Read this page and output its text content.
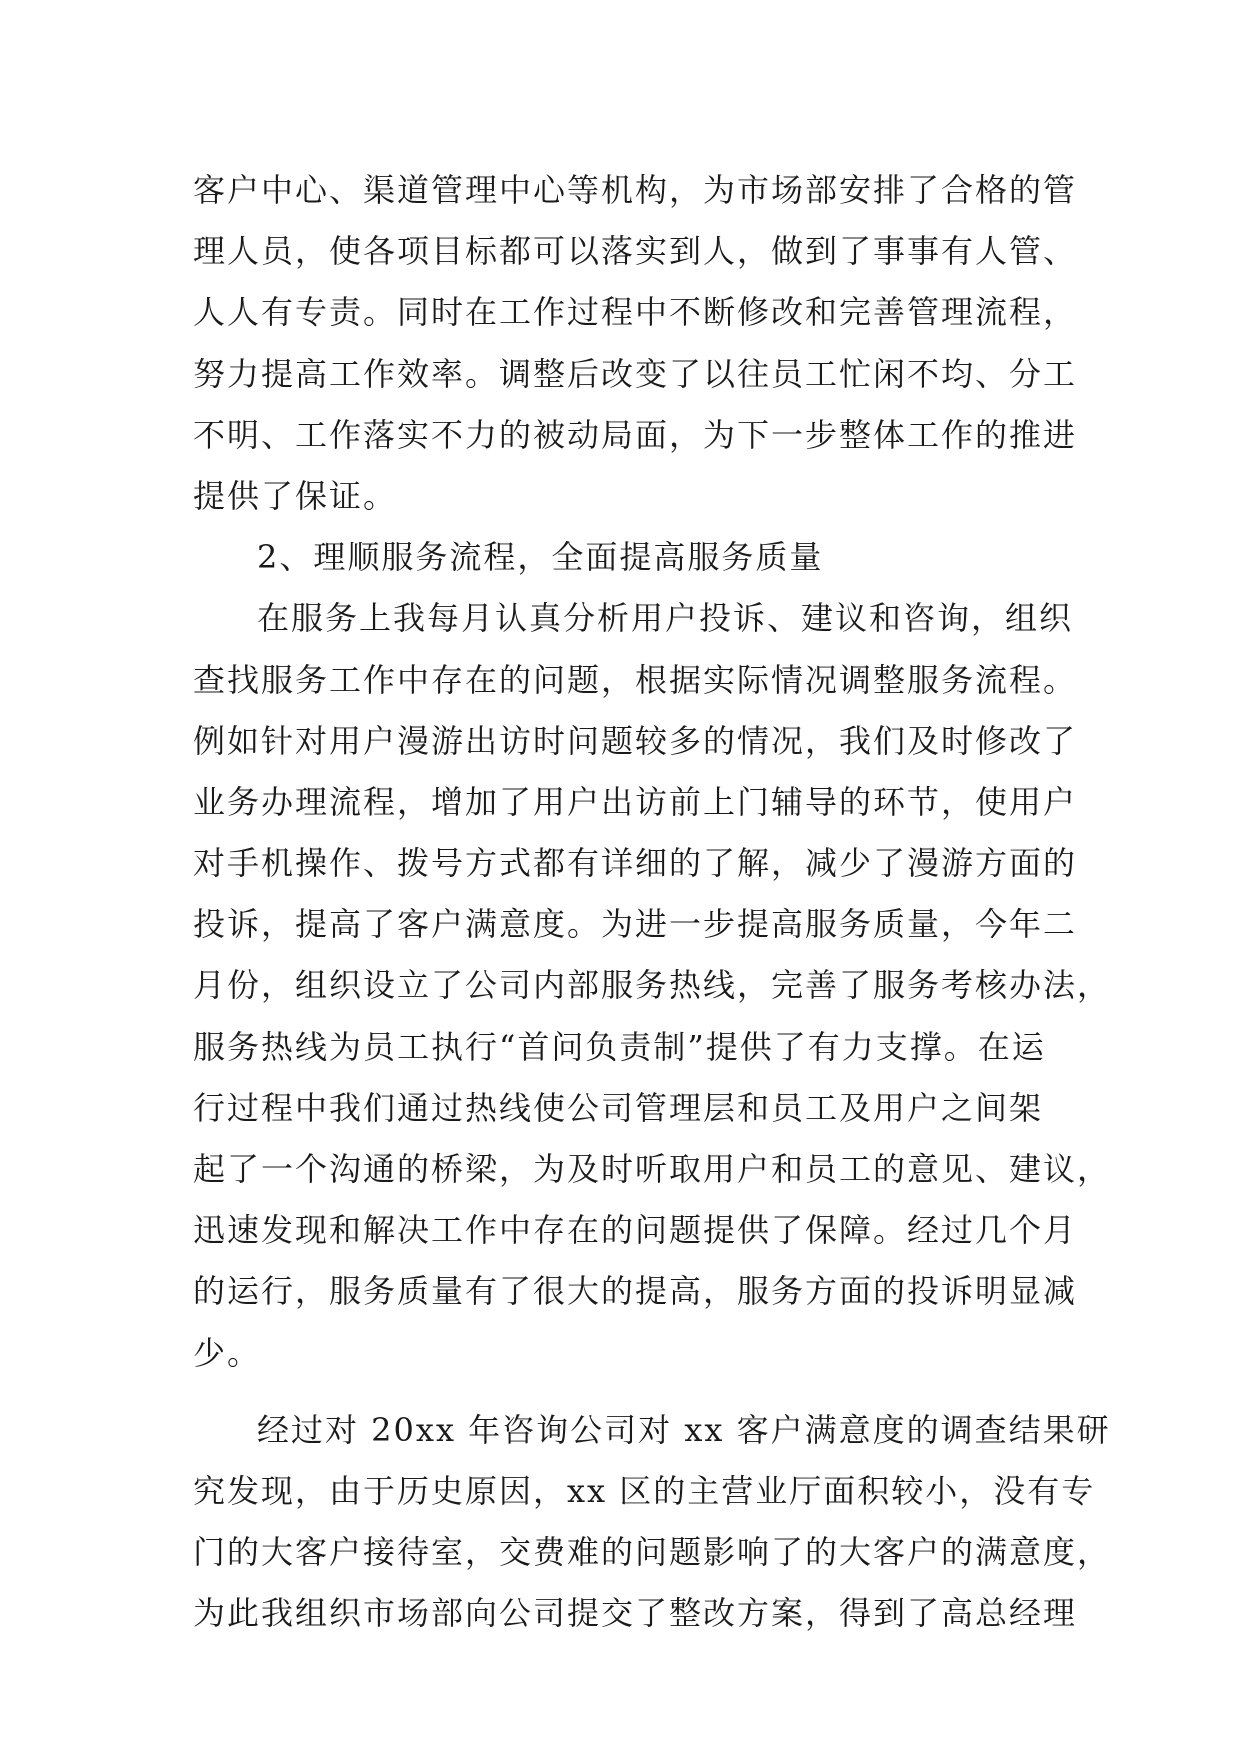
客户中心、渠道管理中心等机构，为市场部安排了合格的管
理人员，使各项目标都可以落实到人，做到了事事有人管、
人人有专责。同时在工作过程中不断修改和完善管理流程，
努力提高工作效率。调整后改变了以往员工忙闲不均、分工
不明、工作落实不力的被动局面，为下一步整体工作的推进
提供了保证。
2、理顺服务流程，全面提高服务质量
在服务上我每月认真分析用户投诉、建议和咨询，组织
查找服务工作中存在的问题，根据实际情况调整服务流程。
例如针对用户漫游出访时问题较多的情况，我们及时修改了
业务办理流程，增加了用户出访前上门辅导的环节，使用户
对手机操作、拨号方式都有详细的了解，减少了漫游方面的
投诉，提高了客户满意度。为进一步提高服务质量，今年二
月份，组织设立了公司内部服务热线，完善了服务考核办法，
服务热线为员工执行“首问负责制”提供了有力支撑。在运
行过程中我们通过热线使公司管理层和员工及用户之间架
起了一个沟通的桥梁，为及时听取用户和员工的意见、建议，
迅速发现和解决工作中存在的问题提供了保障。经过几个月
的运行，服务质量有了很大的提高，服务方面的投诉明显减
少。
经过对 20xx 年咨询公司对 xx 客户满意度的调查结果研
究发现，由于历史原因，xx 区的主营业厅面积较小，没有专
门的大客户接待室，交费难的问题影响了的大客户的满意度，
为此我组织市场部向公司提交了整改方案，得到了高总经理
